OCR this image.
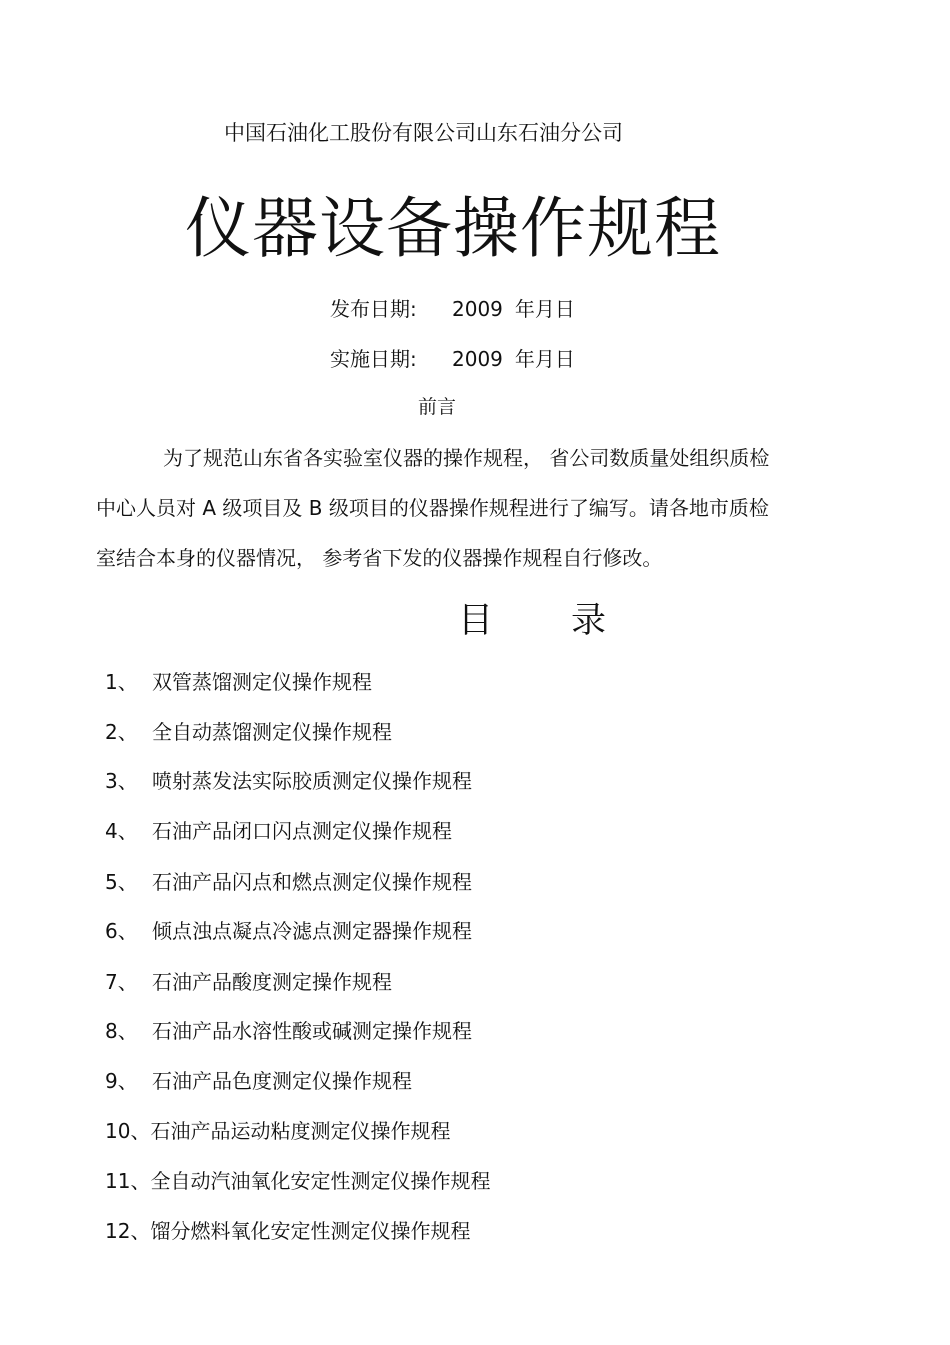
中国石油化工股份有限公司山东石油分公司
仪器设备操作规程
发布日期: 2009 年月日
实施日期: 2009 年月日
前言
为了规范山东省各实验室仪器的操作规程， 省公司数质量处组织质检
中心人员对 A 级项目及 B 级项目的仪器操作规程进行了编写。请各地市质检
室结合本身的仪器情况， 参考省下发的仪器操作规程自行修改。
目 录
1、 双管蒸馏测定仪操作规程
2、 全自动蒸馏测定仪操作规程
3、 喷射蒸发法实际胶质测定仪操作规程
4、 石油产品闭口闪点测定仪操作规程
5、 石油产品闪点和燃点测定仪操作规程
6、 倾点浊点凝点冷滤点测定器操作规程
7、 石油产品酸度测定操作规程
8、 石油产品水溶性酸或碱测定操作规程
9、 石油产品色度测定仪操作规程
10、石油产品运动粘度测定仪操作规程
11、全自动汽油氧化安定性测定仪操作规程
12、馏分燃料氧化安定性测定仪操作规程
